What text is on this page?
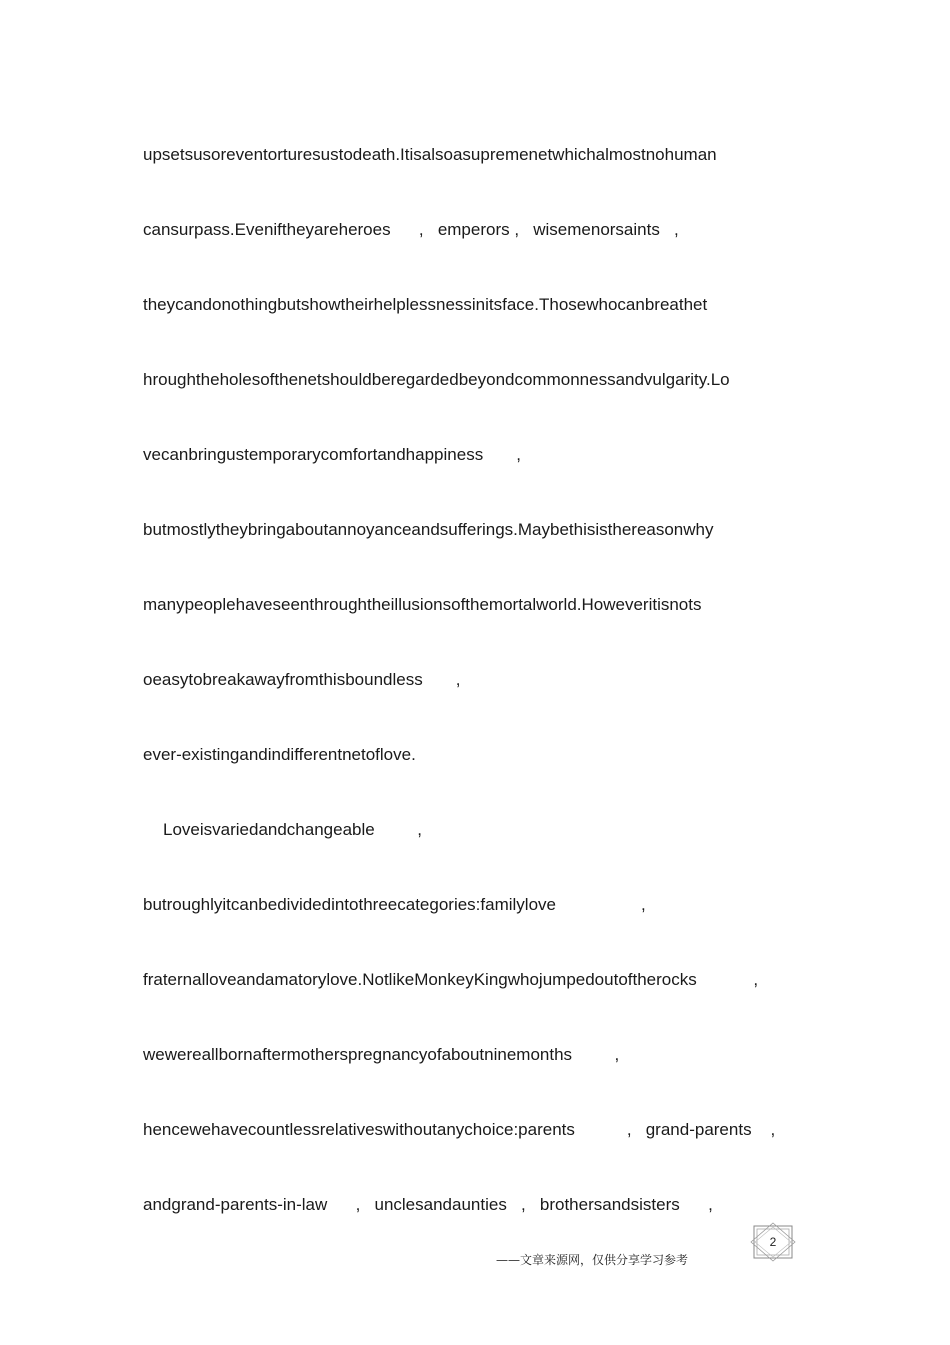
upsetsusoreventorturesustodeath.Itisalsoasupremenetwhichalmostnohuman
cansurpass.Eveniftheyareheroes      ,   emperors ,   wisemenorsaints   ,
theycandonothingbutshowtheirhelplessnessinitsface.Thosewhocanbreathet
hroughtheholesofthenetshouldberegardedbeyondcommonnessandvulgarity.Lo
vecanbringustemporarycomfortandhappiness       ,
butmostlytheybringaboutannoyanceandsufferings.Maybethisisthereasonwhy
manypeoplehaveseenthroughtheillusionsofthemortalworld.Howeveritisnots
oeasytobreakawayfromthisboundless       ,
ever-existingandindifferentnetoflove.
Loveisvariedandchangeable         ,
butroughlyitcanbedividedintothreecategories:familylove                  ,
fraternalloveandamatorylove.NotlikeMonkeyKingwhojumpedoutoftherocks            ,
wewereallbornaftermotherspregnancyofaboutninemonths         ,
hencewehavecountlessrelativeswithoutanychoice:parents           ,   grand-parents    ,
andgrand-parents-in-law      ,   unclesandaunties   ,   brothersandsisters      ,
2
——文章来源网，仅供分享学习参考
